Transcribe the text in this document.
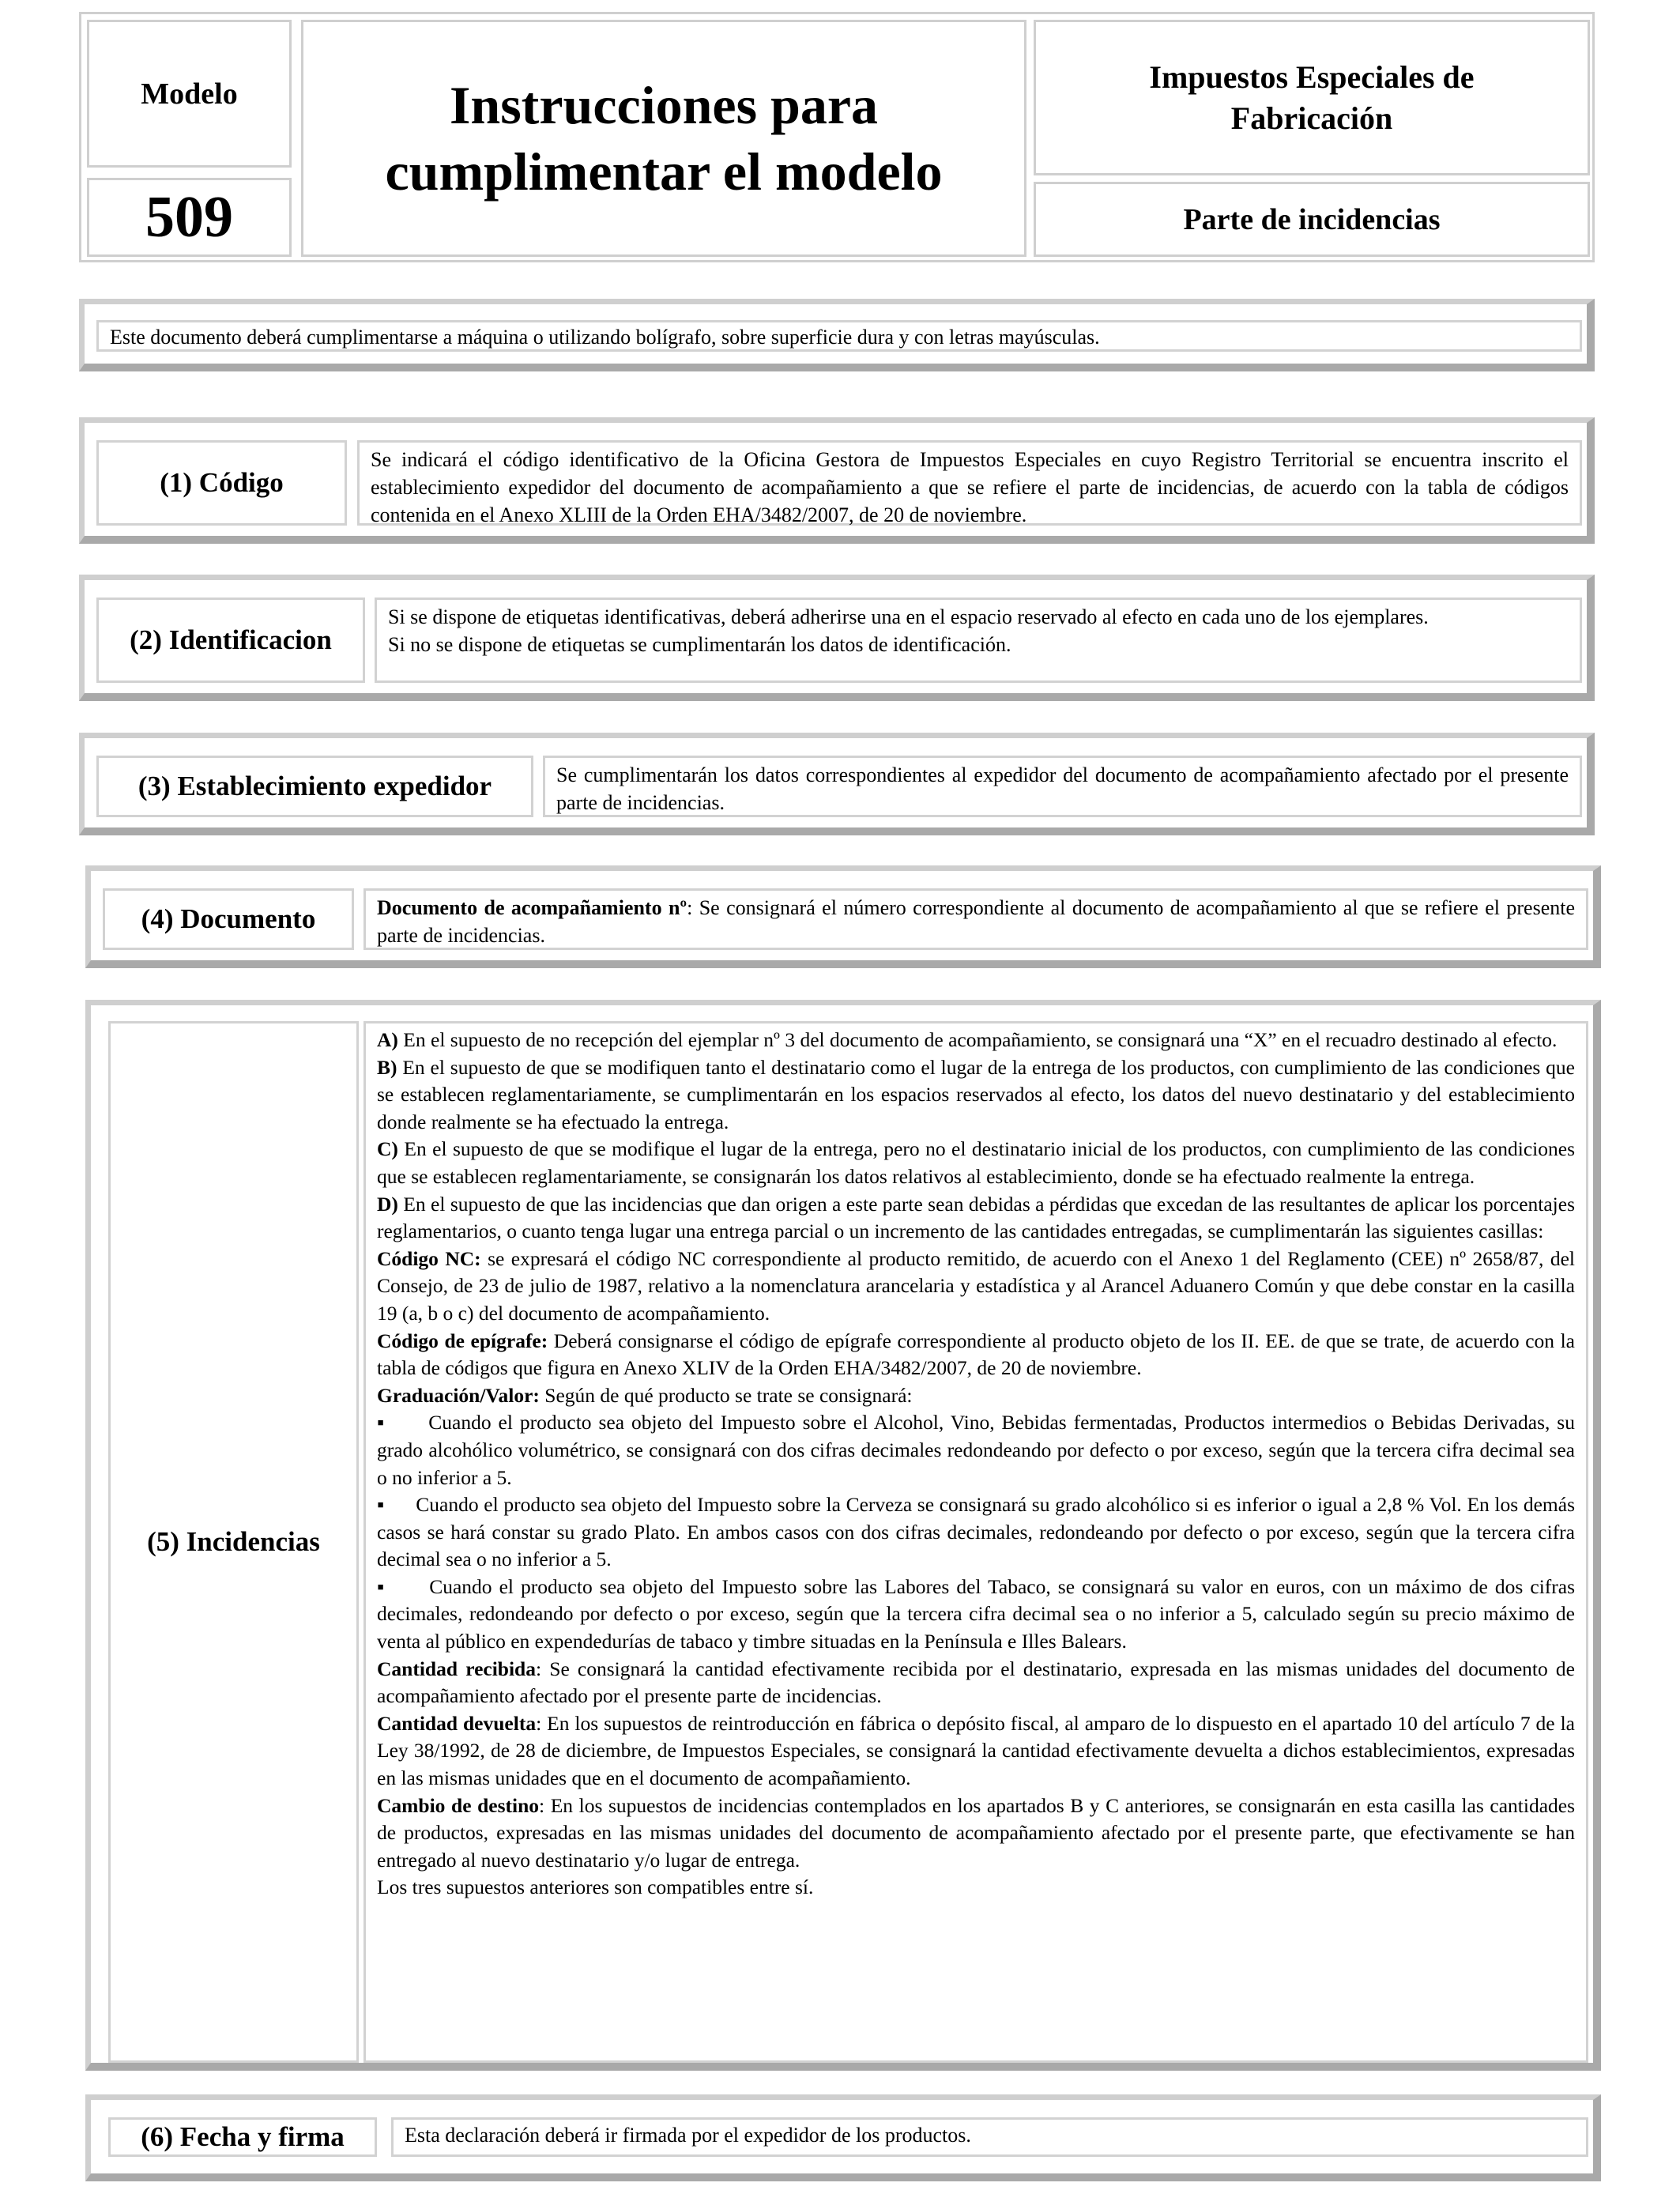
Modelo
509
Instrucciones para
cumplimentar el modelo
Impuestos Especiales de
Fabricación
Parte de incidencias
Este documento deberá cumplimentarse a máquina o utilizando bolígrafo, sobre superficie dura y con letras mayúsculas.
(1) Código

Se indicará el código identificativo de la Oficina Gestora de Impuestos Especiales en cuyo Registro Territorial se encuentra inscrito el establecimiento expedidor del documento de acompañamiento a que se refiere el parte de incidencias, de acuerdo con la tabla de códigos contenida en el Anexo XLIII de la Orden EHA/3482/2007, de 20 de noviembre.

(2) Identificacion

Si se dispone de etiquetas identificativas, deberá adherirse una en el espacio reservado al efecto en cada uno de los ejemplares.

Si no se dispone de etiquetas se cumplimentarán los datos de identificación.

(3) Establecimiento expedidor	Se cumplimentarán los datos correspondientes al expedidor del documento de acompañamiento afectado por el presente parte de incidencias.

(4) Documento	Documento de acompañamiento nº: Se consignará el número correspondiente al documento de acompañamiento al que se refiere el presente parte de incidencias.

(5) Incidencias

A) En el supuesto de no recepción del ejemplar nº 3 del documento de acompañamiento, se consignará una “X” en el recuadro destinado al efecto.

B) En el supuesto de que se modifiquen tanto el destinatario como el lugar de la entrega de los productos, con cumplimiento de las condiciones que se establecen reglamentariamente, se cumplimentarán en los espacios reservados al efecto, los datos del nuevo destinatario y del establecimiento donde realmente se ha efectuado la entrega.

C) En el supuesto de que se modifique el lugar de la entrega, pero no el destinatario inicial de los productos, con cumplimiento de las condiciones que se establecen reglamentariamente, se consignarán los datos relativos al establecimiento, donde se ha efectuado realmente la entrega.

D) En el supuesto de que las incidencias que dan origen a este parte sean debidas a pérdidas que excedan de las resultantes de aplicar los porcentajes reglamentarios, o cuanto tenga lugar una entrega parcial o un incremento de las cantidades entregadas, se cumplimentarán las siguientes casillas:

Código NC: se expresará el código NC correspondiente al producto remitido, de acuerdo con el Anexo 1 del Reglamento (CEE) nº 2658/87, del Consejo, de 23 de julio de 1987, relativo a la nomenclatura arancelaria y estadística y al Arancel Aduanero Común y que debe constar en la casilla 19 (a, b o c) del documento de acompañamiento.

Código de epígrafe: Deberá consignarse el código de epígrafe correspondiente al producto objeto de los II. EE. de que se trate, de acuerdo con la tabla de códigos que figura en Anexo XLIV de la Orden EHA/3482/2007, de 20 de noviembre.

Graduación/Valor: Según de qué producto se trate se consignará:

▪ Cuando el producto sea objeto del Impuesto sobre el Alcohol, Vino, Bebidas fermentadas, Productos intermedios o Bebidas Derivadas, su grado alcohólico volumétrico, se consignará con dos cifras decimales redondeando por defecto o por exceso, según que la tercera cifra decimal sea o no inferior a 5.

▪ Cuando el producto sea objeto del Impuesto sobre la Cerveza se consignará su grado alcohólico si es inferior o igual a 2,8 % Vol. En los demás casos se hará constar su grado Plato. En ambos casos con dos cifras decimales, redondeando por defecto o por exceso, según que la tercera cifra decimal sea o no inferior a 5.

▪ Cuando el producto sea objeto del Impuesto sobre las Labores del Tabaco, se consignará su valor en euros, con un máximo de dos cifras decimales, redondeando por defecto o por exceso, según que la tercera cifra decimal sea o no inferior a 5, calculado según su precio máximo de venta al público en expendedurías de tabaco y timbre situadas en la Península e Illes Balears.

Cantidad recibida: Se consignará la cantidad efectivamente recibida por el destinatario, expresada en las mismas unidades del documento de acompañamiento afectado por el presente parte de incidencias.

Cantidad devuelta: En los supuestos de reintroducción en fábrica o depósito fiscal, al amparo de lo dispuesto en el apartado 10 del artículo 7 de la Ley 38/1992, de 28 de diciembre, de Impuestos Especiales, se consignará la cantidad efectivamente devuelta a dichos establecimientos, expresadas en las mismas unidades que en el documento de acompañamiento.

Cambio de destino: En los supuestos de incidencias contemplados en los apartados B y C anteriores, se consignarán en esta casilla las cantidades de productos, expresadas en las mismas unidades del documento de acompañamiento afectado por el presente parte, que efectivamente se han entregado al nuevo destinatario y/o lugar de entrega.

Los tres supuestos anteriores son compatibles entre sí.

(6) Fecha y firma	Esta declaración deberá ir firmada por el expedidor de los productos.
